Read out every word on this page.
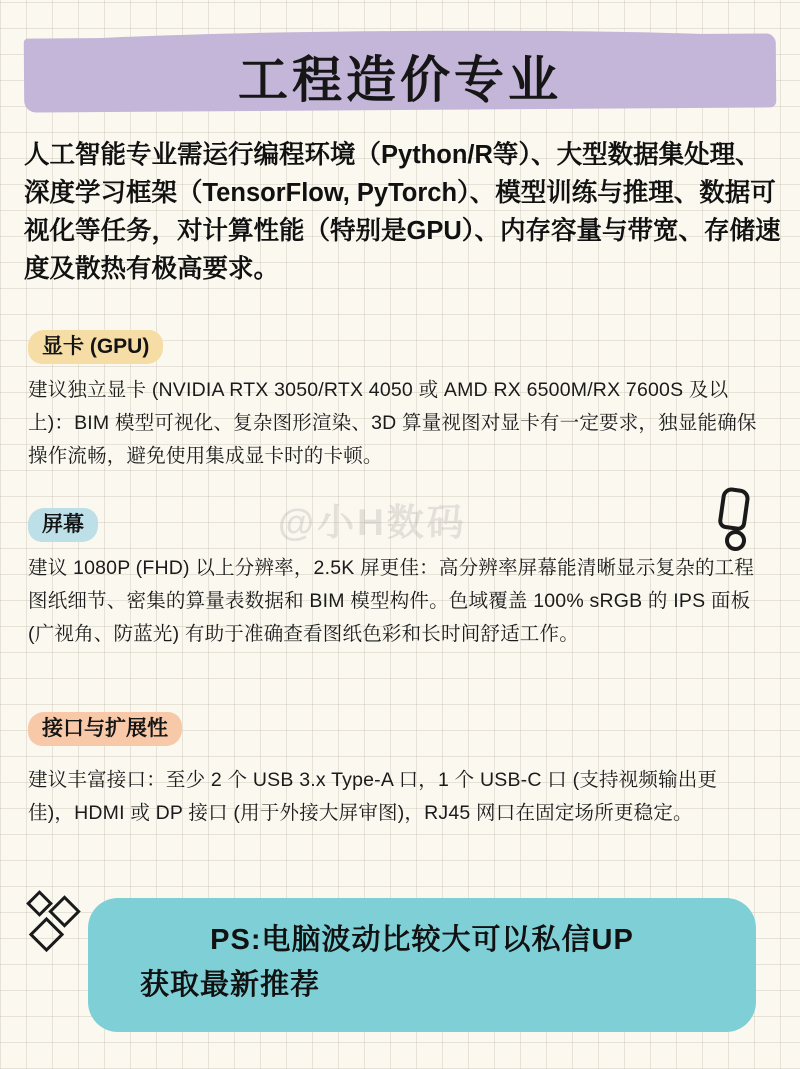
工程造价专业
人工智能专业需运行编程环境（Python/R等）、大型数据集处理、深度学习框架（TensorFlow, PyTorch）、模型训练与推理、数据可视化等任务，对计算性能（特别是GPU）、内存容量与带宽、存储速度及散热有极高要求。
显卡 (GPU)
建议独立显卡 (NVIDIA RTX 3050/RTX 4050 或 AMD RX 6500M/RX 7600S 及以上)：BIM 模型可视化、复杂图形渲染、3D 算量视图对显卡有一定要求，独显能确保操作流畅，避免使用集成显卡时的卡顿。
屏幕
建议 1080P (FHD) 以上分辨率，2.5K 屏更佳：高分辨率屏幕能清晰显示复杂的工程图纸细节、密集的算量表数据和 BIM 模型构件。色域覆盖 100% sRGB 的 IPS 面板 (广视角、防蓝光) 有助于准确查看图纸色彩和长时间舒适工作。
接口与扩展性
建议丰富接口：至少 2 个 USB 3.x Type-A 口，1 个 USB-C 口 (支持视频输出更佳)，HDMI 或 DP 接口 (用于外接大屏审图)，RJ45 网口在固定场所更稳定。
@小H数码
PS:电脑波动比较大可以私信UP
获取最新推荐
